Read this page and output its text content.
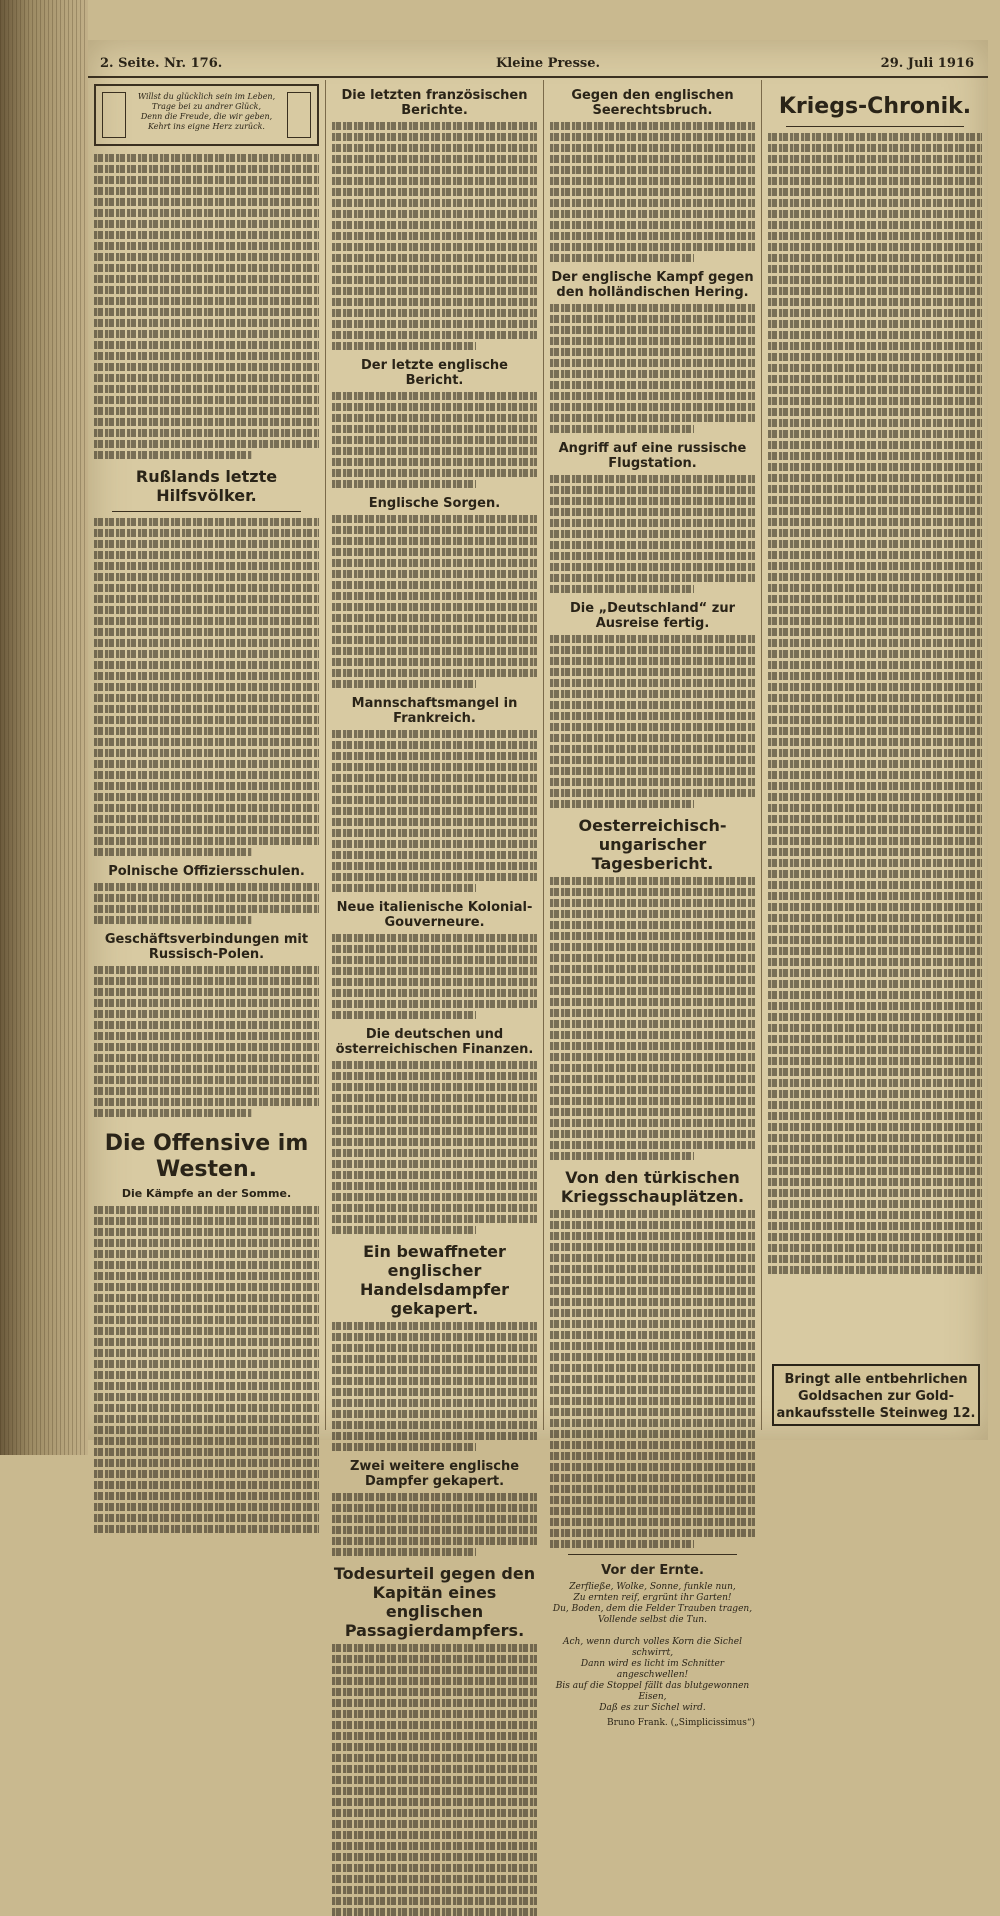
2. Seite. Nr. 176.	Kleine Presse.	29. Juli 1916
Willst du glücklich sein im Leben,
Trage bei zu andrer Glück,
Denn die Freude, die wir geben,
Kehrt ins eigne Herz zurück.
Rußlands letzte Hilfsvölker.
Polnische Offiziersschulen.
Geschäftsverbindungen mit Russisch-Polen.
Die Offensive im Westen.
Die Kämpfe an der Somme.
Die letzten französischen Berichte.
Der letzte englische Bericht.
Englische Sorgen.
Mannschaftsmangel in Frankreich.
Neue italienische Kolonial-Gouverneure.
Die deutschen und österreichischen Finanzen.
Ein bewaffneter englischer Handelsdampfer gekapert.
Zwei weitere englische Dampfer gekapert.
Todesurteil gegen den Kapitän eines englischen Passagierdampfers.
Gegen den englischen Seerechtsbruch.
Der englische Kampf gegen den holländischen Hering.
Angriff auf eine russische Flugstation.
Die „Deutschland“ zur Ausreise fertig.
Oesterreichisch-ungarischer Tagesbericht.
Von den türkischen Kriegsschauplätzen.
Vor der Ernte.
Zerfließe, Wolke, Sonne, funkle nun,
Zu ernten reif, ergrünt ihr Garten!
Du, Boden, dem die Felder Trauben tragen,
Vollende selbst die Tun.

Ach, wenn durch volles Korn die Sichel schwirrt,
Dann wird es licht im Schnitter angeschwellen!
Bis auf die Stoppel fällt das blutgewonnen Eisen,
Daß es zur Sichel wird.
Bruno Frank. („Simplicissimus“)
Kriegs-Chronik.
Bringt alle entbehrlichen Goldsachen zur Gold-ankaufsstelle Steinweg 12.
